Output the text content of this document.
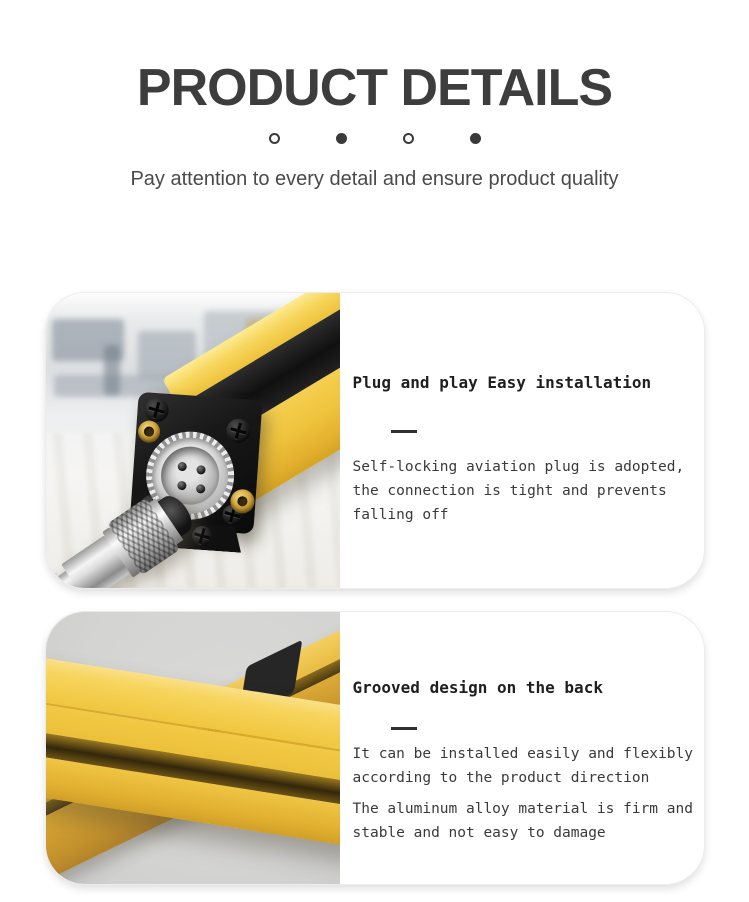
PRODUCT DETAILS

Pay attention to every detail and ensure product quality

Plug and play Easy installation

Self-locking aviation plug is adopted, the connection is tight and prevents falling off

Grooved design on the back

It can be installed easily and flexibly according to the product direction

The aluminum alloy material is firm and stable and not easy to damage
